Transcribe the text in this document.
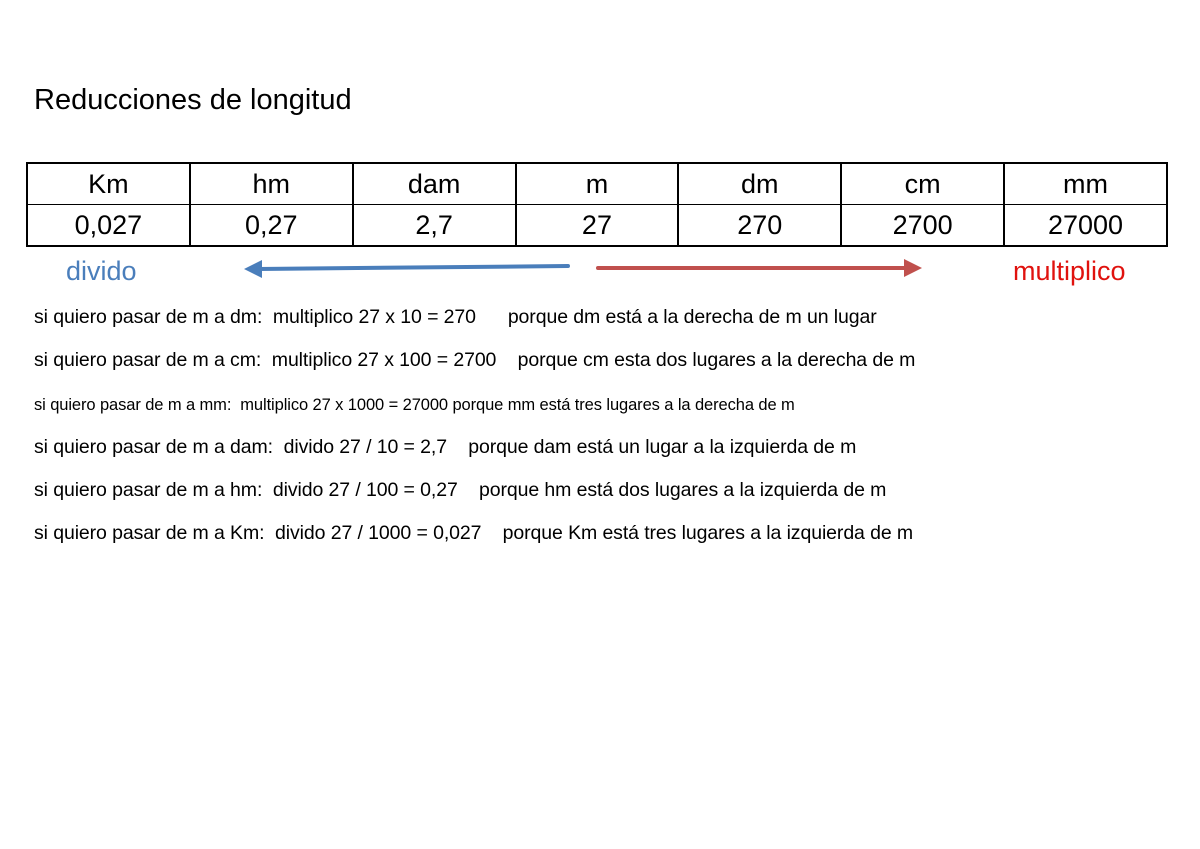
Reducciones de longitud
Km	hm	dam	m	dm	cm	mm
0,027	0,27	2,7	27	270	2700	27000
divido	multiplico
si quiero pasar de m a dm:  multiplico 27 x 10 = 270      porque dm está a la derecha de m un lugar
si quiero pasar de m a cm:  multiplico 27 x 100 = 2700    porque cm esta dos lugares a la derecha de m
si quiero pasar de m a mm:  multiplico 27 x 1000 = 27000 porque mm está tres lugares a la derecha de m
si quiero pasar de m a dam:  divido 27 / 10 = 2,7    porque dam está un lugar a la izquierda de m
si quiero pasar de m a hm:  divido 27 / 100 = 0,27    porque hm está dos lugares a la izquierda de m
si quiero pasar de m a Km:  divido 27 / 1000 = 0,027    porque Km está tres lugares a la izquierda de m
